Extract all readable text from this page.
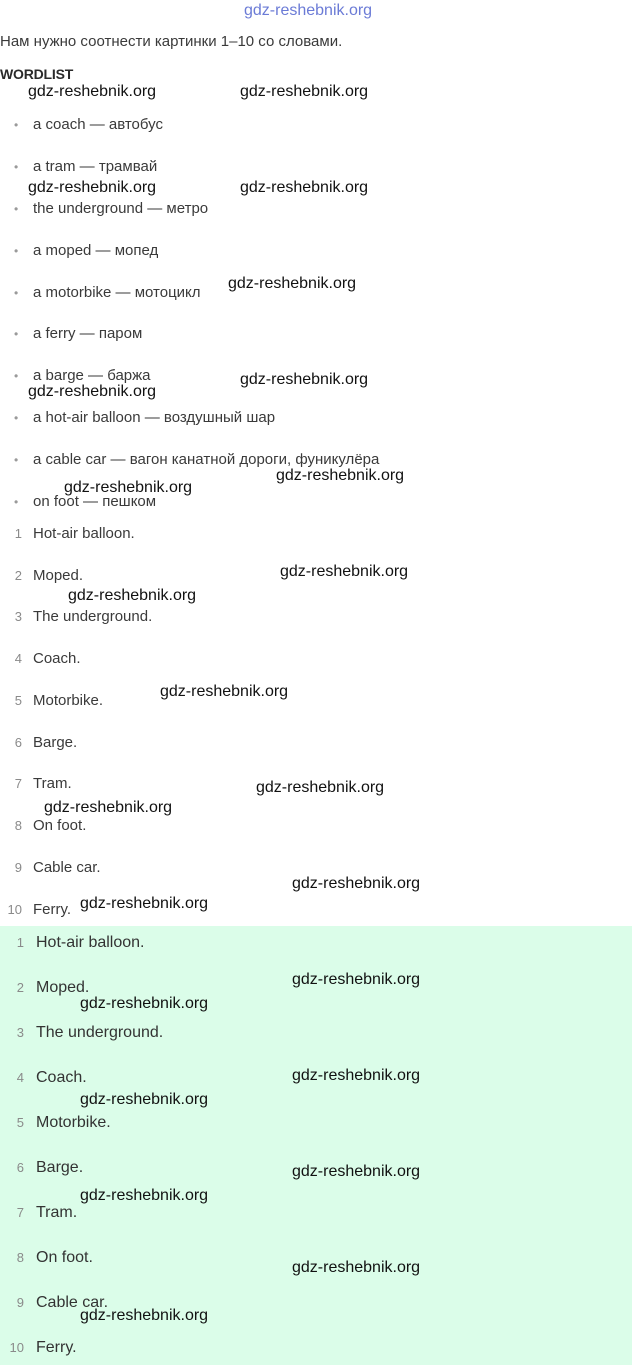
gdz-reshebnik.org
Нам нужно соотнести картинки 1–10 со словами.
WORDLIST
• a coach — автобус
• a tram — трамвай
• the underground — метро
• a moped — мопед
• a motorbike — мотоцикл
• a ferry — паром
• a barge — баржа
• a hot-air balloon — воздушный шар
• a cable car — вагон канатной дороги, фуникулёра
• on foot — пешком
1 Hot-air balloon.
2 Moped.
3 The underground.
4 Coach.
5 Motorbike.
6 Barge.
7 Tram.
8 On foot.
9 Cable car.
10 Ferry.
1 Hot-air balloon.
2 Moped.
3 The underground.
4 Coach.
5 Motorbike.
6 Barge.
7 Tram.
8 On foot.
9 Cable car.
10 Ferry.
gdz-reshebnik.org	gdz-reshebnik.org
gdz-reshebnik.org	gdz-reshebnik.org
gdz-reshebnik.org
gdz-reshebnik.org
gdz-reshebnik.org
gdz-reshebnik.org
gdz-reshebnik.org
gdz-reshebnik.org
gdz-reshebnik.org
gdz-reshebnik.org
gdz-reshebnik.org
gdz-reshebnik.org
gdz-reshebnik.org
gdz-reshebnik.org
gdz-reshebnik.org
gdz-reshebnik.org
gdz-reshebnik.org
gdz-reshebnik.org
gdz-reshebnik.org
gdz-reshebnik.org
gdz-reshebnik.org
gdz-reshebnik.org
